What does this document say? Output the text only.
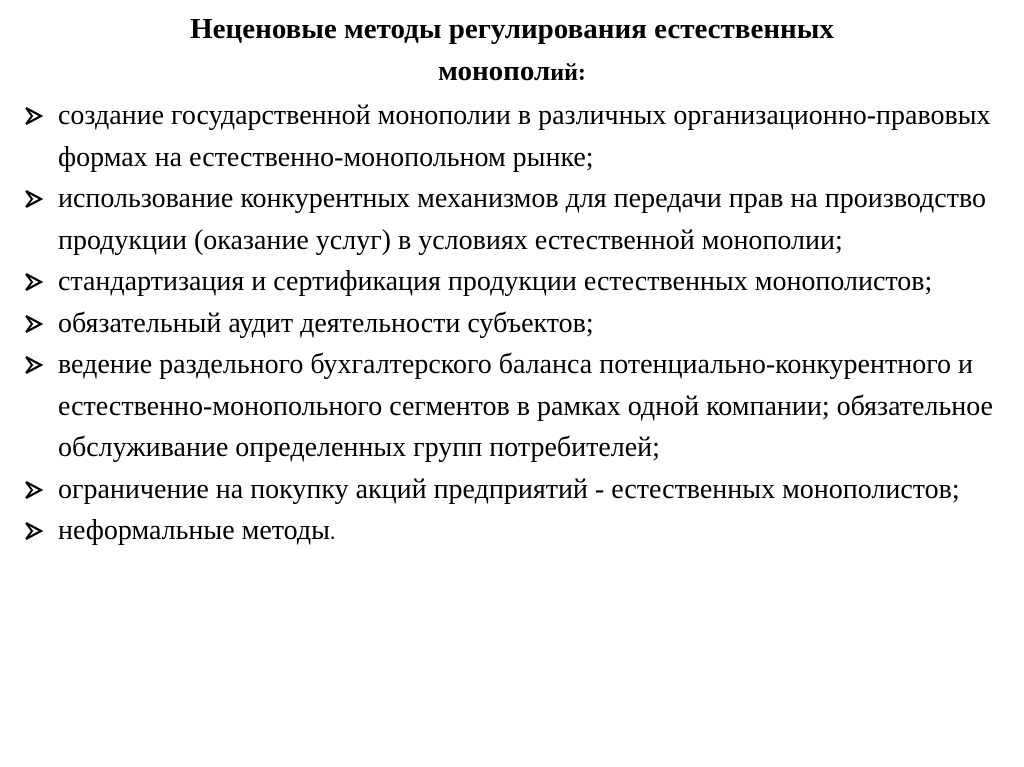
Неценовые методы регулирования естественных
монополий:
создание государственной монополии в различных организационно-правовых формах на естественно-монопольном рынке;
использование конкурентных механизмов для передачи прав на производство продукции (оказание услуг) в условиях естественной монополии;
стандартизация и сертификация продукции естественных монополистов;
обязательный аудит деятельности субъектов;
ведение раздельного бухгалтерского баланса потенциально-конкурентного и естественно-монопольного сегментов в рамках одной компании; обязательное обслуживание определенных групп потребителей;
ограничение на покупку акций предприятий - естественных монополистов;
неформальные методы.
